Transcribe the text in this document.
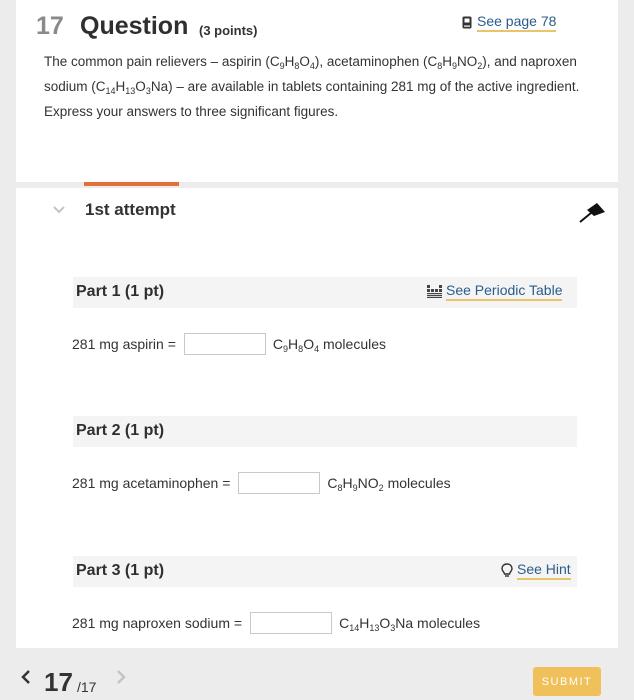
17 Question (3 points)
See page 78
The common pain relievers – aspirin $(C_9H_8O_4)$, acetaminophen $(C_8H_9NO_2)$, and naproxen sodium $(C_{14}H_{13}O_3Na)$ – are available in tablets containing 281 mg of the active ingredient. Express your answers to three significant figures.
1st attempt
Part 1 (1 pt)	See Periodic Table
281 mg aspirin =	$C_9H_8O_4$ molecules
Part 2 (1 pt)
281 mg acetaminophen =	$C_8H_9NO_2$ molecules
Part 3 (1 pt)	See Hint
281 mg naproxen sodium =	$C_{14}H_{13}O_3Na$ molecules
17 /17	SUBMIT
